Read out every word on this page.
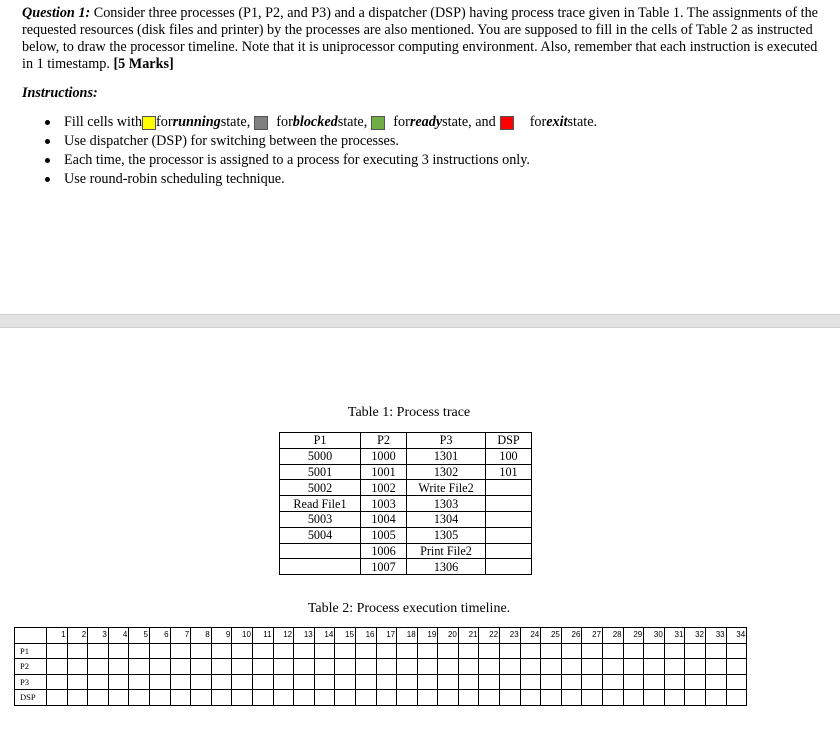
Question 1: Consider three processes (P1, P2, and P3) and a dispatcher (DSP) having process trace given in Table 1. The assignments of the requested resources (disk files and printer) by the processes are also mentioned. You are supposed to fill in the cells of Table 2 as instructed below, to draw the processor timeline. Note that it is uniprocessor computing environment. Also, remember that each instruction is executed in 1 timestamp. [5 Marks]

Instructions:

Fill cells with for running state, for blocked state, for ready state, and for exit state.
Use dispatcher (DSP) for switching between the processes.
Each time, the processor is assigned to a process for executing 3 instructions only.
Use round-robin scheduling technique.
Table 1: Process trace
P1	P2	P3	DSP
5000	1000	1301	100
5001	1001	1302	101
5002	1002	Write File2	
Read File1	1003	1303	
5003	1004	1304	
5004	1005	1305	
	1006	Print File2	
	1007	1306	
Table 2: Process execution timeline.
	1	2	3	4	5	6	7	8	9	10	11	12	13	14	15	16	17	18	19	20	21	22	23	24	25	26	27	28	29	30	31	32	33	34
P1																																		
P2																																		
P3																																		
DSP																																		
